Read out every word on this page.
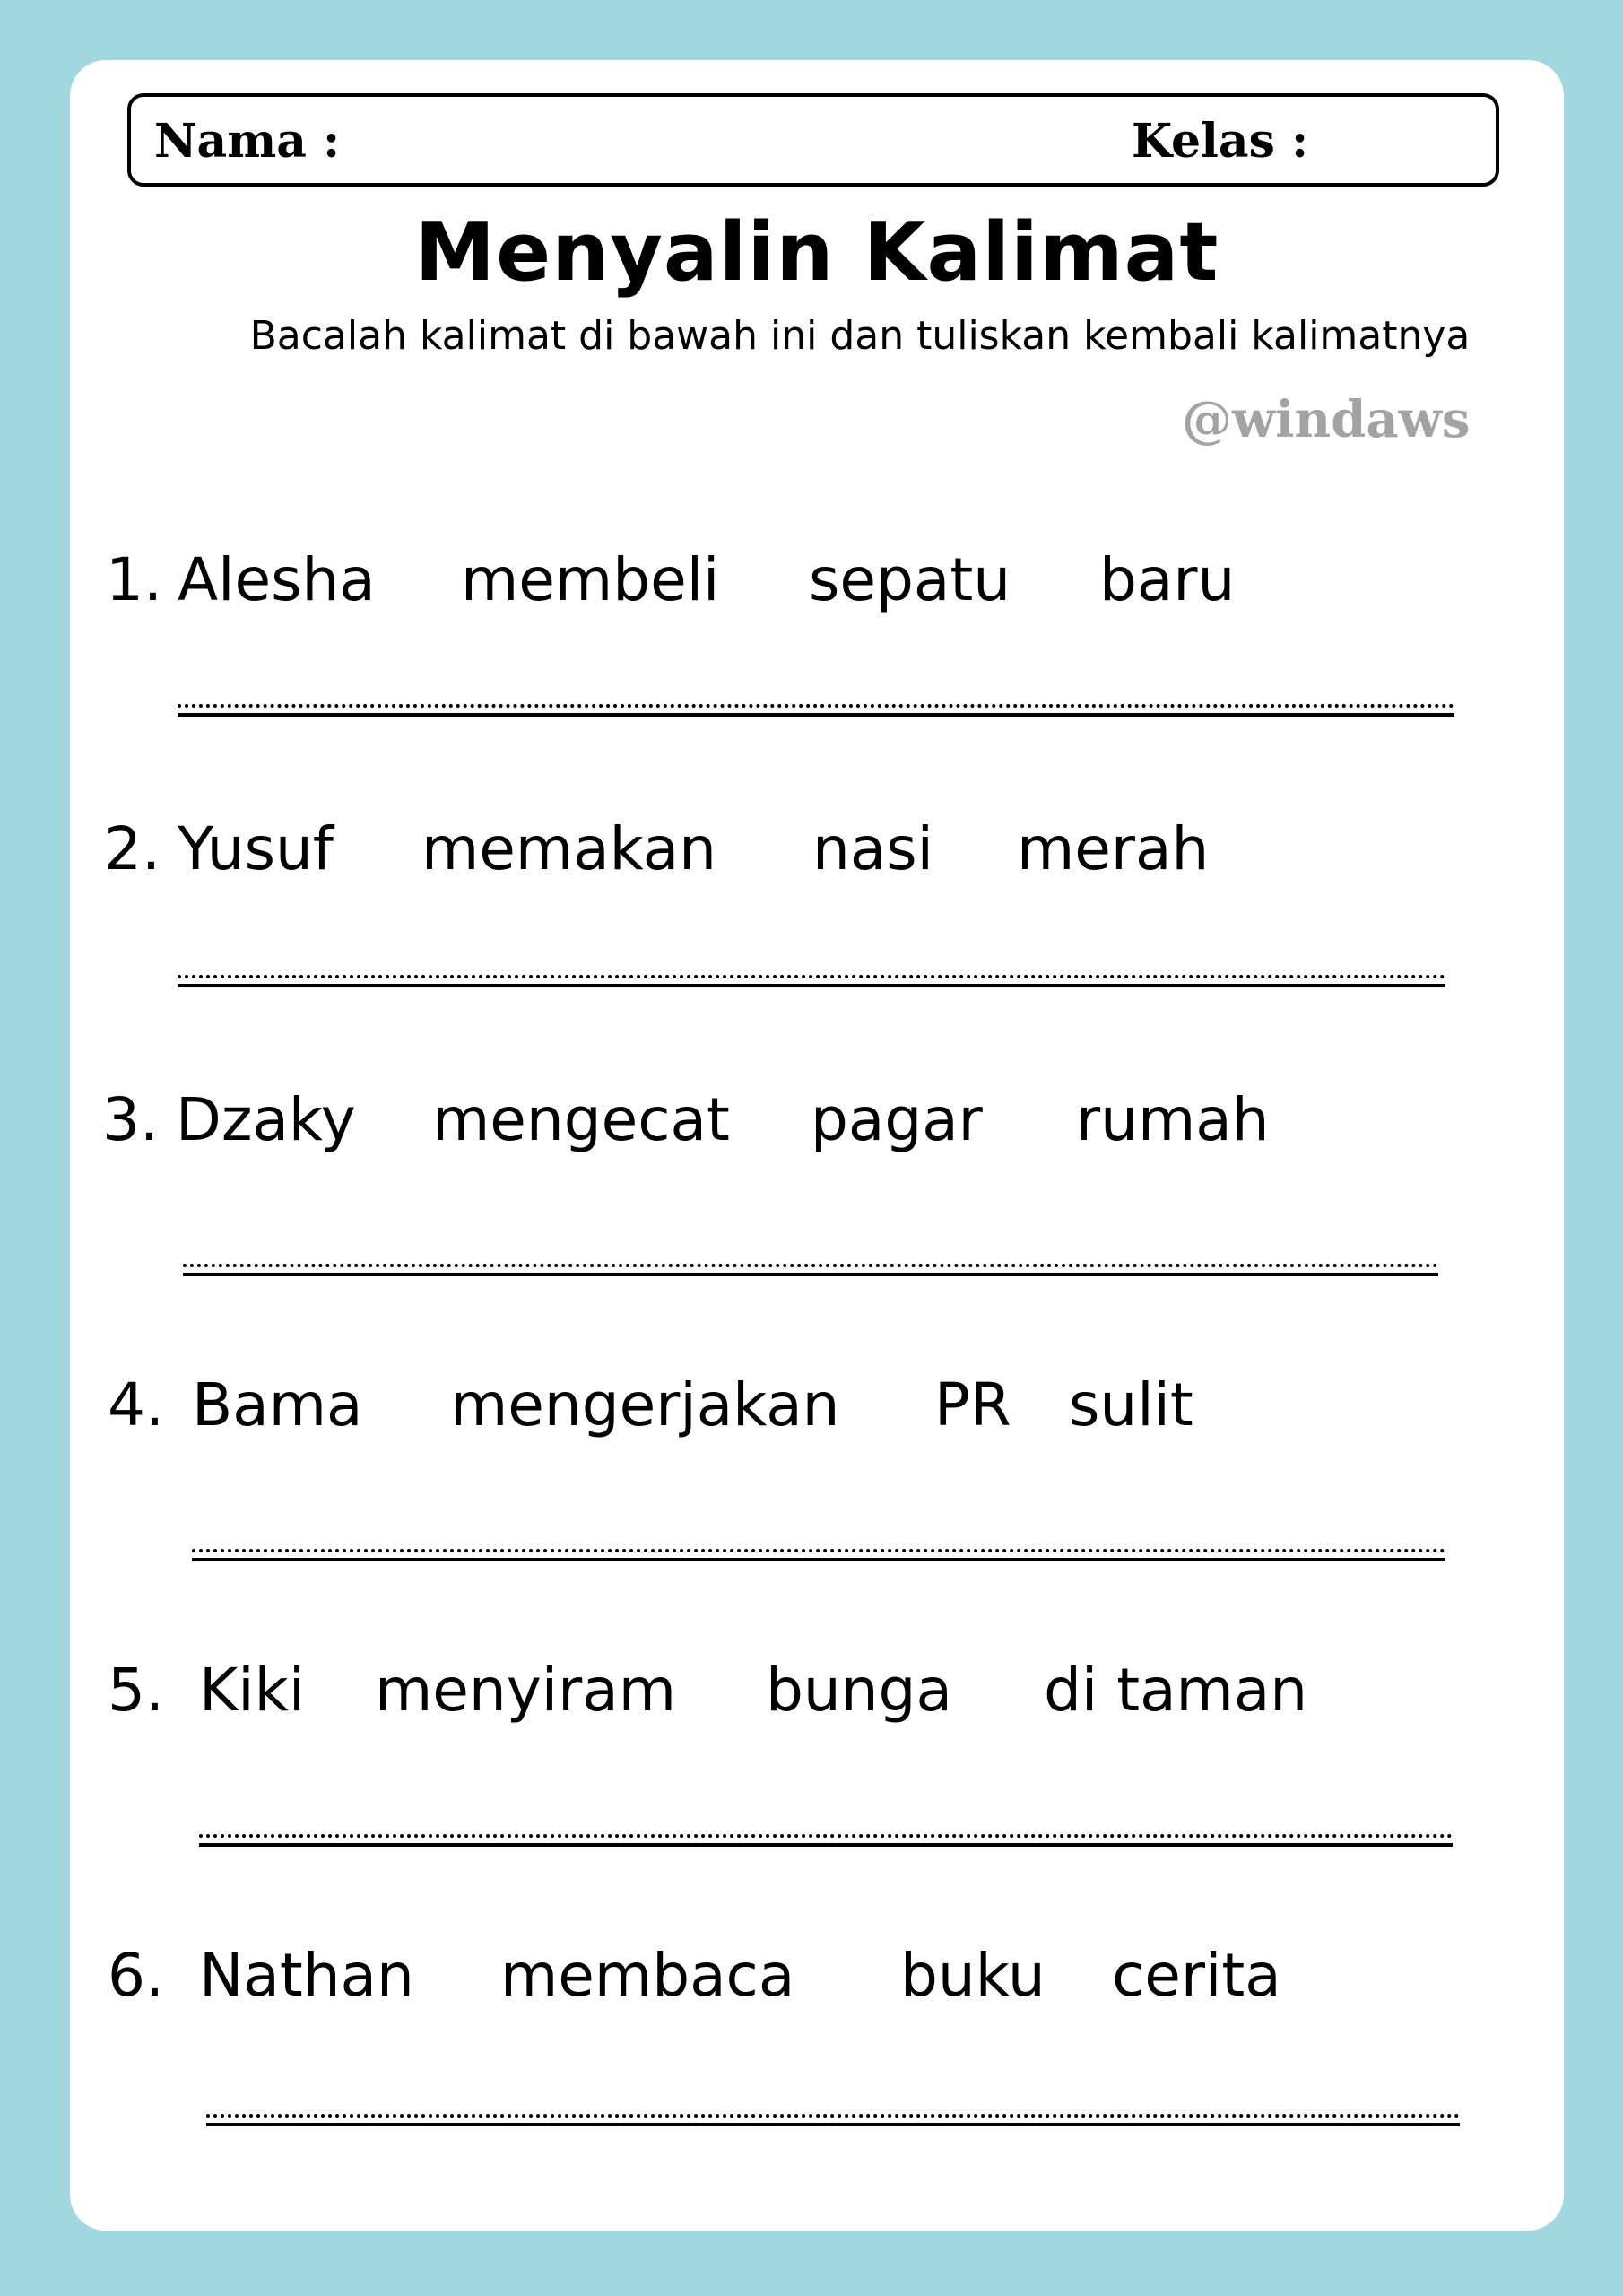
Nama :	Kelas :
Menyalin Kalimat
Bacalah kalimat di bawah ini dan tuliskan kembali kalimatnya
@windaws
1. Alesha membeli sepatu baru
2. Yusuf memakan nasi merah
3. Dzaky mengecat pagar rumah
4. Bama mengerjakan PR sulit
5. Kiki menyiram bunga di taman
6. Nathan membaca buku cerita
